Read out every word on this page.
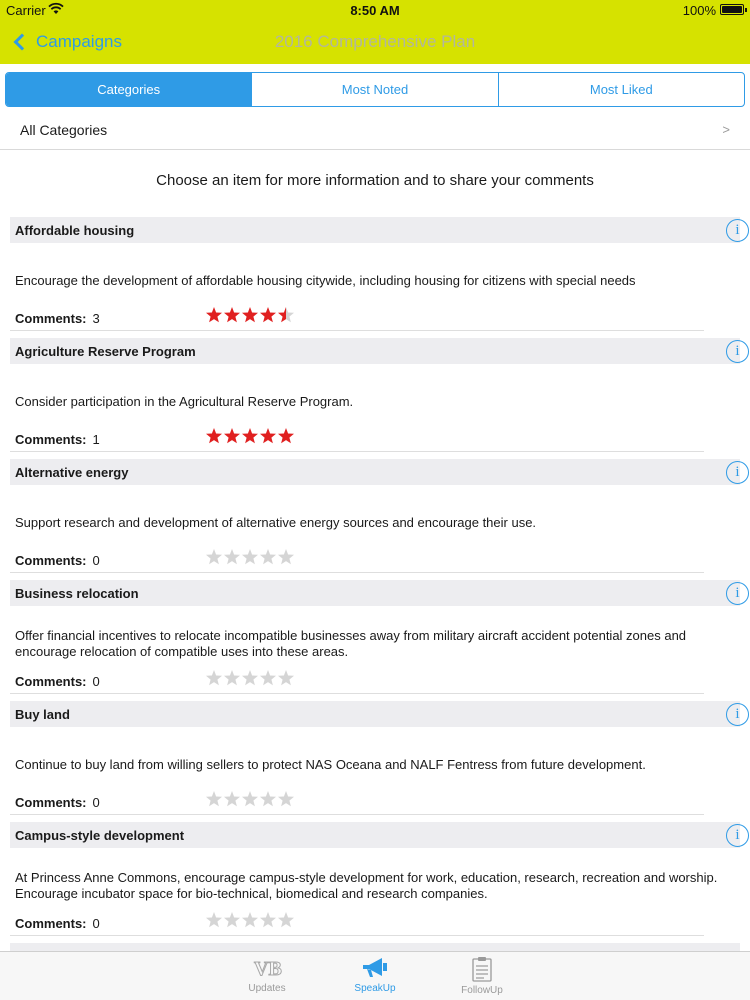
Carrier	8:50 AM	100%
Campaigns	2016 Comprehensive Plan
Categories	Most Noted	Most Liked
All Categories	>
Choose an item for more information and to share your comments
Affordable housing	i
Encourage the development of affordable housing citywide, including housing for citizens with special needs
Comments: 3
Agriculture Reserve Program	i
Consider participation in the Agricultural Reserve Program.
Comments: 1
Alternative energy	i
Support research and development of alternative energy sources and encourage their use.
Comments: 0
Business relocation	i
Offer financial incentives to relocate incompatible businesses away from military aircraft accident potential zones and encourage relocation of compatible uses into these areas.
Comments: 0
Buy land	i
Continue to buy land from willing sellers to protect NAS Oceana and NALF Fentress from future development.
Comments: 0
Campus-style development	i
At Princess Anne Commons, encourage campus-style development for work, education, research, recreation and worship. Encourage incubator space for bio-technical, biomedical and research companies.
Comments: 0
VB
Updates	SpeakUp	FollowUp
